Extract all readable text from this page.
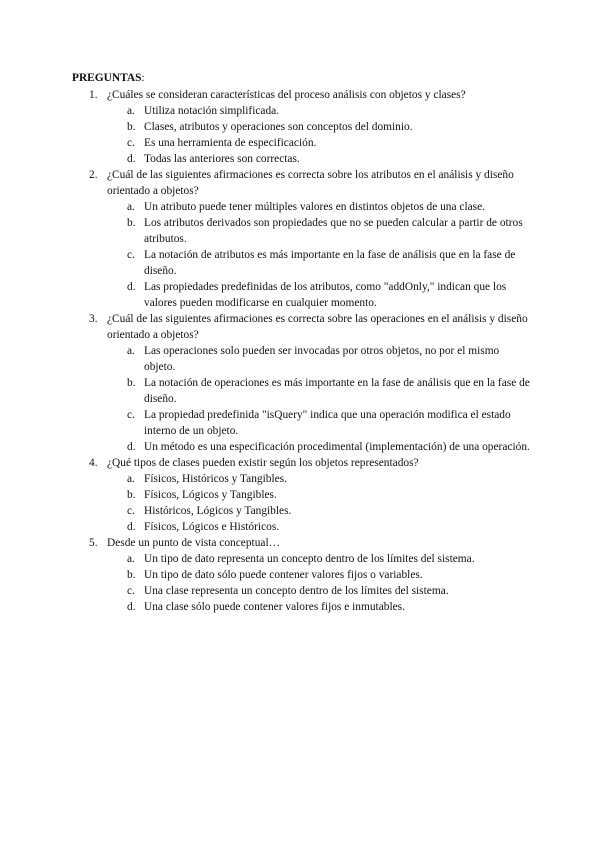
PREGUNTAS:
1. ¿Cuáles se consideran características del proceso análisis con objetos y clases?
a. Utiliza notación simplificada.
b. Clases, atributos y operaciones son conceptos del dominio.
c. Es una herramienta de especificación.
d. Todas las anteriores son correctas.
2. ¿Cuál de las siguientes afirmaciones es correcta sobre los atributos en el análisis y diseño orientado a objetos?
a. Un atributo puede tener múltiples valores en distintos objetos de una clase.
b. Los atributos derivados son propiedades que no se pueden calcular a partir de otros atributos.
c. La notación de atributos es más importante en la fase de análisis que en la fase de diseño.
d. Las propiedades predefinidas de los atributos, como "addOnly," indican que los valores pueden modificarse en cualquier momento.
3. ¿Cuál de las siguientes afirmaciones es correcta sobre las operaciones en el análisis y diseño orientado a objetos?
a. Las operaciones solo pueden ser invocadas por otros objetos, no por el mismo objeto.
b. La notación de operaciones es más importante en la fase de análisis que en la fase de diseño.
c. La propiedad predefinida "isQuery" indica que una operación modifica el estado interno de un objeto.
d. Un método es una especificación procedimental (implementación) de una operación.
4. ¿Qué tipos de clases pueden existir según los objetos representados?
a. Físicos, Históricos y Tangibles.
b. Físicos, Lógicos y Tangibles.
c. Históricos, Lógicos y Tangibles.
d. Físicos, Lógicos e Históricos.
5. Desde un punto de vista conceptual…
a. Un tipo de dato representa un concepto dentro de los límites del sistema.
b. Un tipo de dato sólo puede contener valores fijos o variables.
c. Una clase representa un concepto dentro de los límites del sistema.
d. Una clase sólo puede contener valores fijos e inmutables.
